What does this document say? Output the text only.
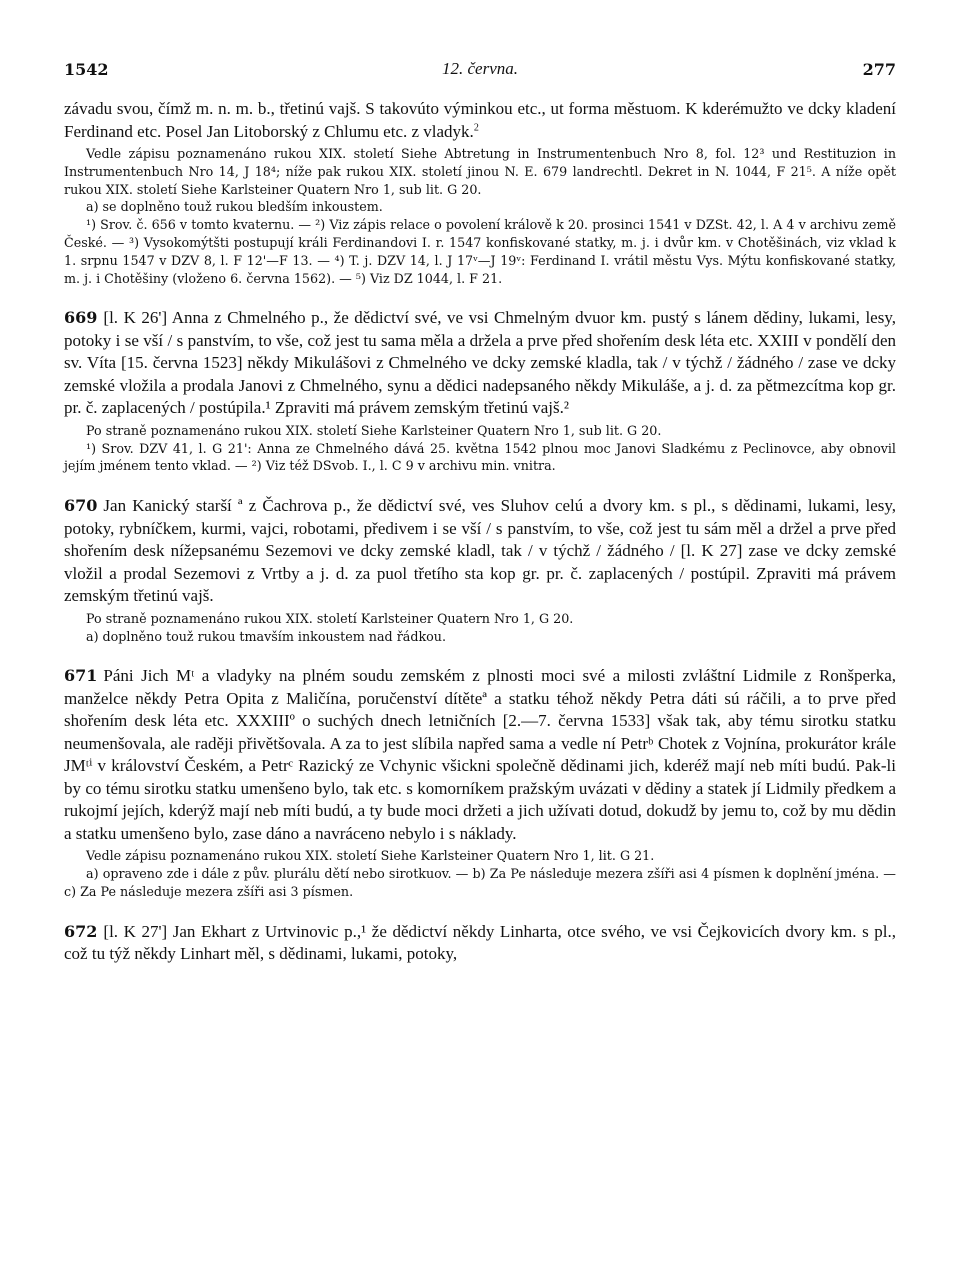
1542	12. června.	277

závadu svou, čímž m. n. m. b., třetinú vajš. S takovúto výminkou etc., ut forma městuom. K kderémužto ve dcky kladení Ferdinand etc. Posel Jan Litoborský z Chlumu etc. z vladyk.$^2$

Vedle zápisu poznamenáno rukou XIX. století Siehe Abtretung in Instrumentenbuch Nro 8, fol. 12³ und Restituzion in Instrumentenbuch Nro 14, J 18⁴; níže pak rukou XIX. století jinou N. E. 679 landrechtl. Dekret in N. 1044, F 21⁵. A níže opět rukou XIX. století Siehe Karlsteiner Quatern Nro 1, sub lit. G 20.

a) se doplněno touž rukou bledším inkoustem.

¹) Srov. č. 656 v tomto kvaternu. — ²) Viz zápis relace o povolení králově k 20. prosinci 1541 v DZSt. 42, l. A 4 v archivu země České. — ³) Vysokomýtšti postupují králi Ferdinandovi I. r. 1547 konfiskované statky, m. j. i dvůr km. v Chotěšinách, viz vklad k 1. srpnu 1547 v DZV 8, l. F 12'—F 13. — ⁴) T. j. DZV 14, l. J 17ᵛ—J 19ᵛ: Ferdinand I. vrátil městu Vys. Mýtu konfiskované statky, m. j. i Chotěšiny (vloženo 6. června 1562). — ⁵) Viz DZ 1044, l. F 21.

669 [l. K 26'] Anna z Chmelného p., že dědictví své, ve vsi Chmelným dvuor km. pustý s lánem dědiny, lukami, lesy, potoky i se vší / s panstvím, to vše, což jest tu sama měla a držela a prve před shořením desk léta etc. XXIII v pondělí den sv. Víta [15. června 1523] někdy Mikulášovi z Chmelného ve dcky zemské kladla, tak / v týchž / žádného / zase ve dcky zemské vložila a prodala Janovi z Chmelného, synu a dědici nadepsaného někdy Mikuláše, a j. d. za pětmezcítma kop gr. pr. č. zaplacených / postúpila.¹ Zpraviti má právem zemským třetinú vajš.²

Po straně poznamenáno rukou XIX. století Siehe Karlsteiner Quatern Nro 1, sub lit. G 20.

¹) Srov. DZV 41, l. G 21': Anna ze Chmelného dává 25. května 1542 plnou moc Janovi Sladkému z Peclinovce, aby obnovil jejím jménem tento vklad. — ²) Viz též DSvob. I., l. C 9 v archivu min. vnitra.

670 Jan Kanický starší ª z Čachrova p., že dědictví své, ves Sluhov celú a dvory km. s pl., s dědinami, lukami, lesy, potoky, rybníčkem, kurmi, vajci, robotami, předivem i se vší / s panstvím, to vše, což jest tu sám měl a držel a prve před shořením desk nížepsanému Sezemovi ve dcky zemské kladl, tak / v týchž / žádného / [l. K 27] zase ve dcky zemské vložil a prodal Sezemovi z Vrtby a j. d. za puol třetího sta kop gr. pr. č. zaplacených / postúpil. Zpraviti má právem zemským třetinú vajš.

Po straně poznamenáno rukou XIX. století Karlsteiner Quatern Nro 1, G 20.

a) doplněno touž rukou tmavším inkoustem nad řádkou.

671 Páni Jich Mᵗ a vladyky na plném soudu zemském z plnosti moci své a milosti zvláštní Lidmile z Ronšperka, manželce někdy Petra Opita z Maličína, poručenství dítěteª a statku téhož někdy Petra dáti sú ráčili, a to prve před shořením desk léta etc. XXXIIIº o suchých dnech letničních [2.—7. června 1533] však tak, aby tému sirotku statku neumenšovala, ale raději přivětšovala. A za to jest slíbila napřed sama a vedle ní Petrᵇ Chotek z Vojnína, prokurátor krále JMᵗⁱ v království Českém, a Petrᶜ Razický ze Vchynic všickni společně dědinami jich, kderéž mají neb míti budú. Pak-li by co tému sirotku statku umenšeno bylo, tak etc. s komorníkem pražským uvázati v dědiny a statek jí Lidmily předkem a rukojmí jejích, kderýž mají neb míti budú, a ty bude moci držeti a jich užívati dotud, dokudž by jemu to, což by mu dědin a statku umenšeno bylo, zase dáno a navráceno nebylo i s náklady.

Vedle zápisu poznamenáno rukou XIX. století Siehe Karlsteiner Quatern Nro 1, lit. G 21.

a) opraveno zde i dále z pův. plurálu dětí nebo sirotkuov. — b) Za Pe následuje mezera zšíři asi 4 písmen k doplnění jména. — c) Za Pe následuje mezera zšíři asi 3 písmen.

672 [l. K 27'] Jan Ekhart z Urtvinovic p.,¹ že dědictví někdy Linharta, otce svého, ve vsi Čejkovicích dvory km. s pl., což tu týž někdy Linhart měl, s dědinami, lukami, potoky,
